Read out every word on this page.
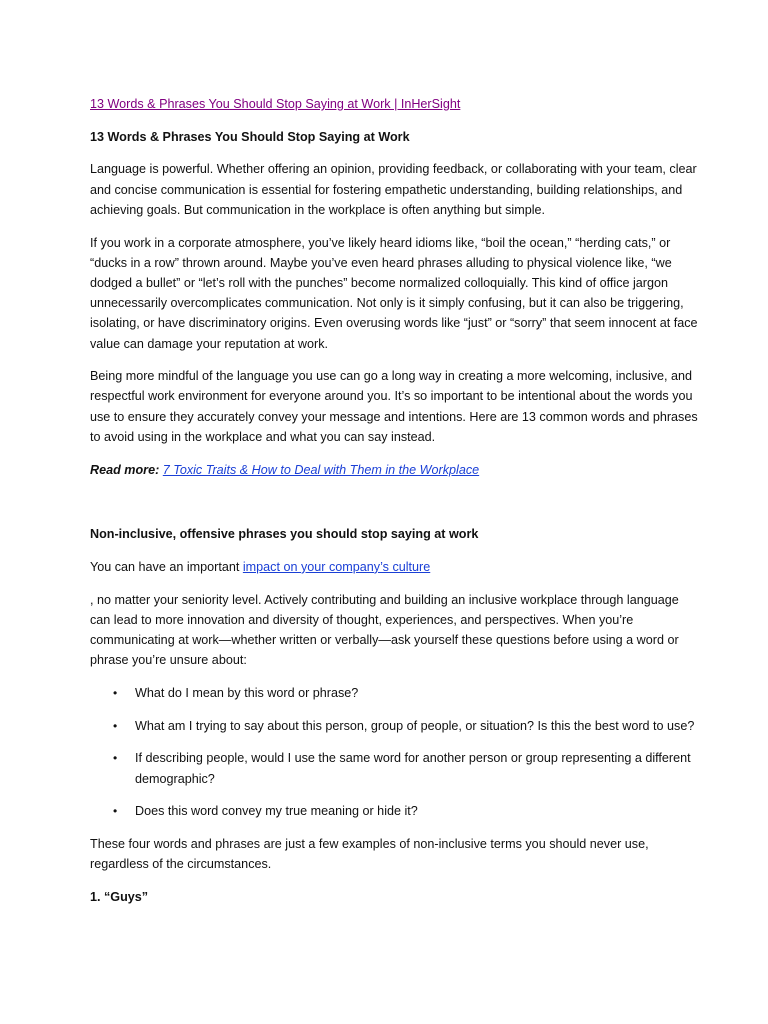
13 Words & Phrases You Should Stop Saying at Work | InHerSight

13 Words & Phrases You Should Stop Saying at Work

Language is powerful. Whether offering an opinion, providing feedback, or collaborating with your team, clear and concise communication is essential for fostering empathetic understanding, building relationships, and achieving goals. But communication in the workplace is often anything but simple.

If you work in a corporate atmosphere, you’ve likely heard idioms like, “boil the ocean,” “herding cats,” or “ducks in a row” thrown around. Maybe you’ve even heard phrases alluding to physical violence like, “we dodged a bullet” or “let’s roll with the punches” become normalized colloquially. This kind of office jargon unnecessarily overcomplicates communication. Not only is it simply confusing, but it can also be triggering, isolating, or have discriminatory origins. Even overusing words like “just” or “sorry” that seem innocent at face value can damage your reputation at work.

Being more mindful of the language you use can go a long way in creating a more welcoming, inclusive, and respectful work environment for everyone around you. It’s so important to be intentional about the words you use to ensure they accurately convey your message and intentions. Here are 13 common words and phrases to avoid using in the workplace and what you can say instead.

Read more: 7 Toxic Traits & How to Deal with Them in the Workplace

Non-inclusive, offensive phrases you should stop saying at work

You can have an important impact on your company’s culture

, no matter your seniority level. Actively contributing and building an inclusive workplace through language can lead to more innovation and diversity of thought, experiences, and perspectives. When you’re communicating at work—whether written or verbally—ask yourself these questions before using a word or phrase you’re unsure about:

• What do I mean by this word or phrase?
• What am I trying to say about this person, group of people, or situation? Is this the best word to use?
• If describing people, would I use the same word for another person or group representing a different demographic?
• Does this word convey my true meaning or hide it?

These four words and phrases are just a few examples of non-inclusive terms you should never use, regardless of the circumstances.

1. “Guys”
